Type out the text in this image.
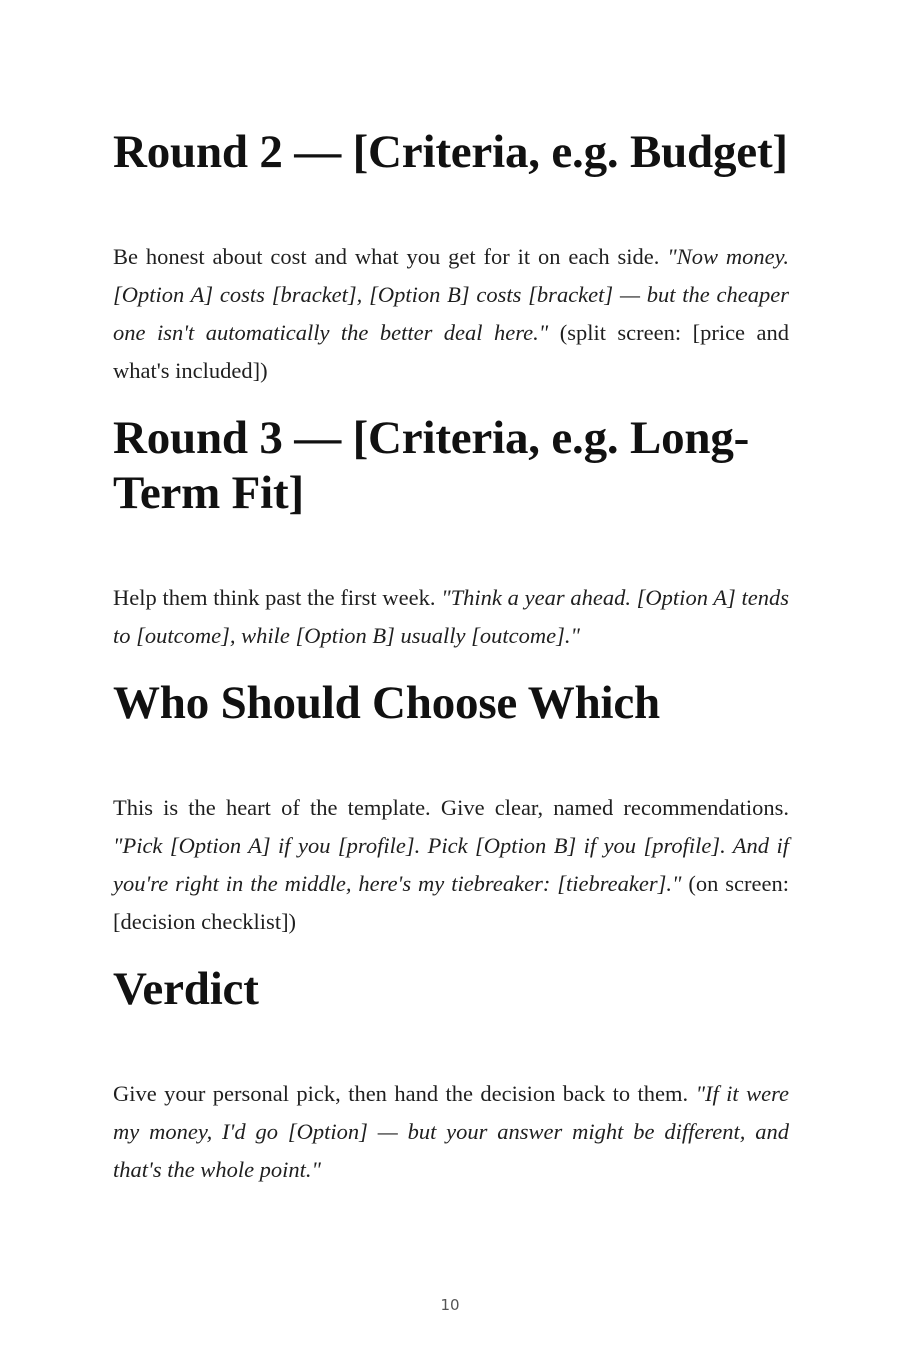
Round 2 — [Criteria, e.g. Budget]

Be honest about cost and what you get for it on each side. "Now money. [Option A] costs [bracket], [Option B] costs [bracket] — but the cheaper one isn't automatically the better deal here." (split screen: [price and what's included])

Round 3 — [Criteria, e.g. Long-Term Fit]

Help them think past the first week. "Think a year ahead. [Option A] tends to [outcome], while [Option B] usually [outcome]."

Who Should Choose Which

This is the heart of the template. Give clear, named recommendations. "Pick [Option A] if you [profile]. Pick [Option B] if you [profile]. And if you're right in the middle, here's my tiebreaker: [tiebreaker]." (on screen: [decision checklist])

Verdict

Give your personal pick, then hand the decision back to them. "If it were my money, I'd go [Option] — but your answer might be different, and that's the whole point."

10
